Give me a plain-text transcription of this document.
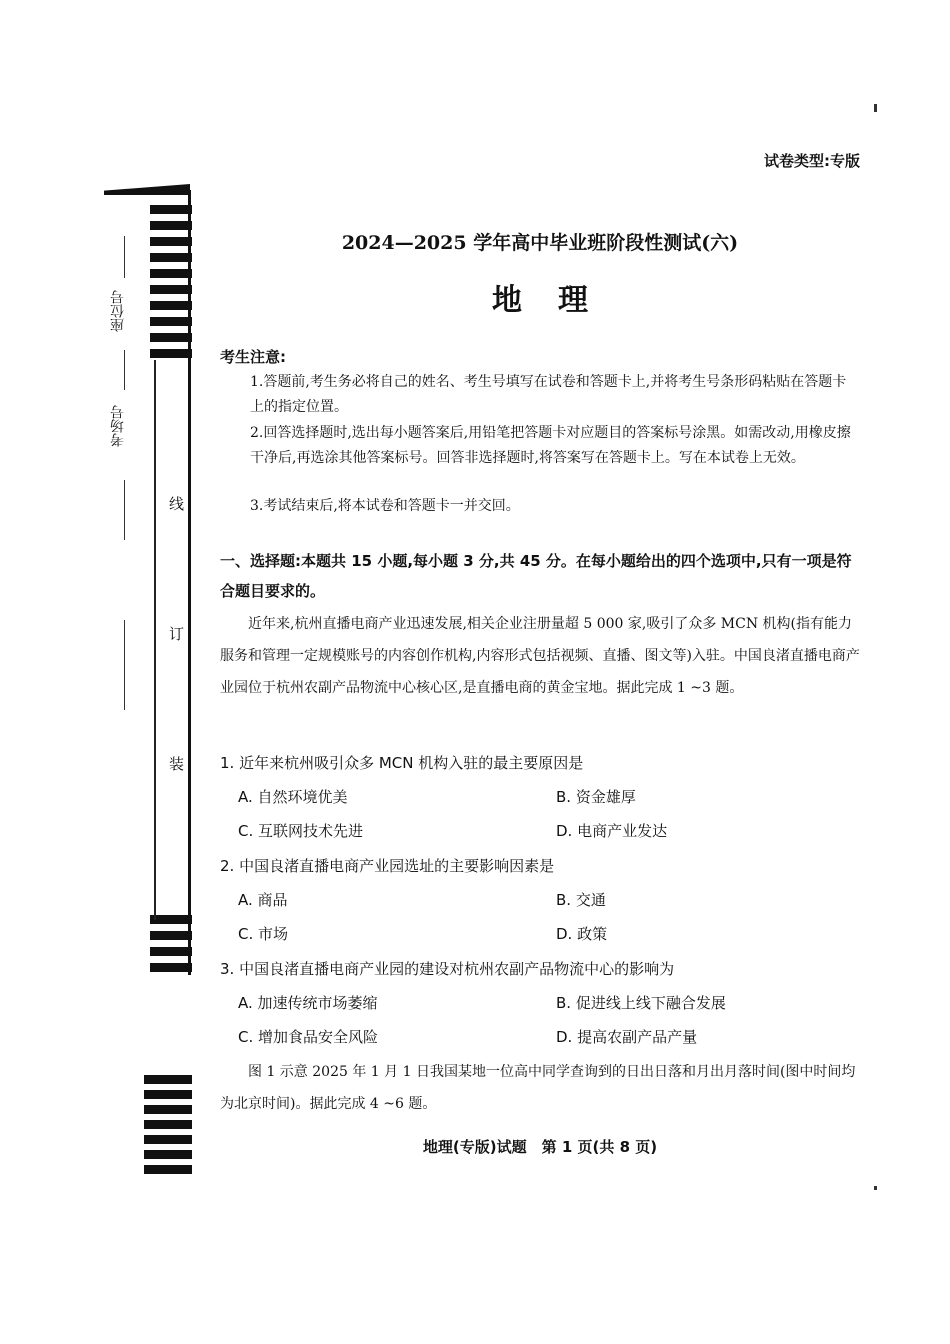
试卷类型:专版
座位号
考场号
线
订
装
2024—2025 学年高中毕业班阶段性测试(六)
地理
考生注意:
1.答题前,考生务必将自己的姓名、考生号填写在试卷和答题卡上,并将考生号条形码粘贴在答题卡上的指定位置。
2.回答选择题时,选出每小题答案后,用铅笔把答题卡对应题目的答案标号涂黑。如需改动,用橡皮擦干净后,再选涂其他答案标号。回答非选择题时,将答案写在答题卡上。写在本试卷上无效。
3.考试结束后,将本试卷和答题卡一并交回。
一、选择题:本题共 15 小题,每小题 3 分,共 45 分。在每小题给出的四个选项中,只有一项是符合题目要求的。
近年来,杭州直播电商产业迅速发展,相关企业注册量超 5 000 家,吸引了众多 MCN 机构(指有能力服务和管理一定规模账号的内容创作机构,内容形式包括视频、直播、图文等)入驻。中国良渚直播电商产业园位于杭州农副产品物流中心核心区,是直播电商的黄金宝地。据此完成 1 ~3 题。
1. 近年来杭州吸引众多 MCN 机构入驻的最主要原因是
A. 自然环境优美	B. 资金雄厚
C. 互联网技术先进	D. 电商产业发达
2. 中国良渚直播电商产业园选址的主要影响因素是
A. 商品	B. 交通
C. 市场	D. 政策
3. 中国良渚直播电商产业园的建设对杭州农副产品物流中心的影响为
A. 加速传统市场萎缩	B. 促进线上线下融合发展
C. 增加食品安全风险	D. 提高农副产品产量
图 1 示意 2025 年 1 月 1 日我国某地一位高中同学查询到的日出日落和月出月落时间(图中时间均为北京时间)。据此完成 4 ~6 题。
地理(专版)试题　第 1 页(共 8 页)
